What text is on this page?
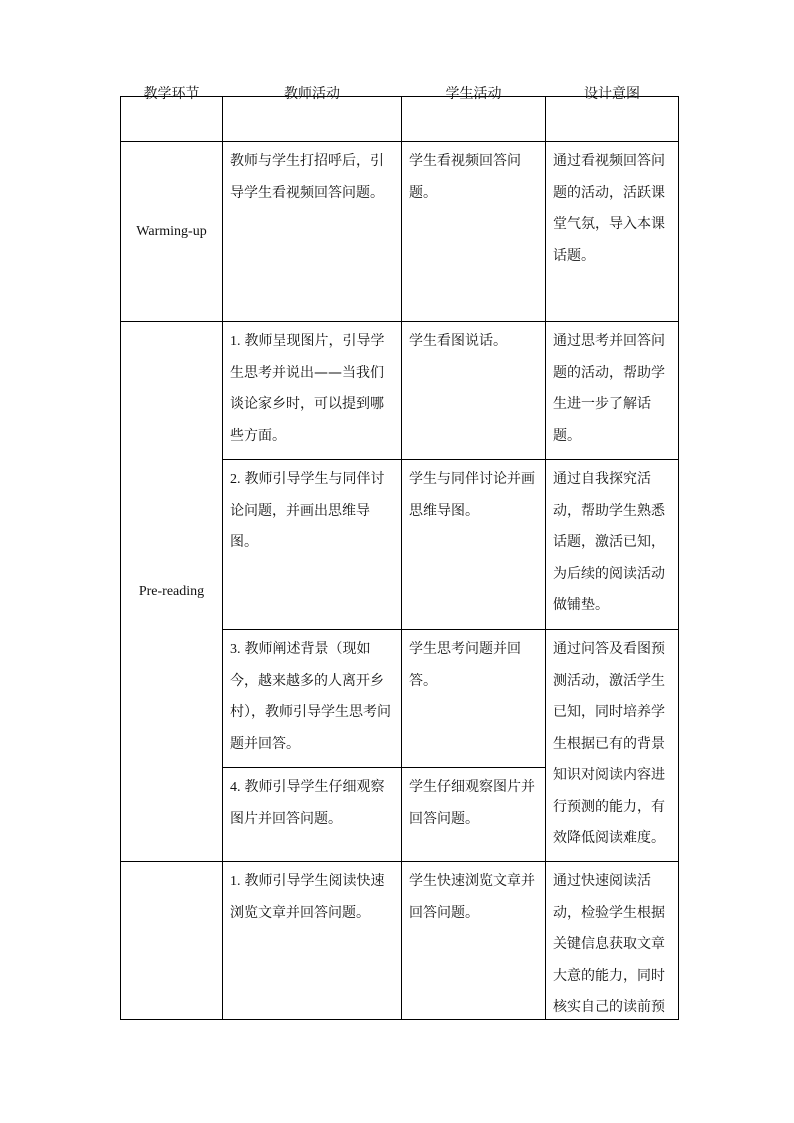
教学环节	教师活动	学生活动	设计意图

Warming-up	教师与学生打招呼后，引导学生看视频回答问题。	学生看视频回答问题。	通过看视频回答问题的活动，活跃课堂气氛，导入本课话题。
Pre-reading	1. 教师呈现图片，引导学生思考并说出——当我们谈论家乡时，可以提到哪些方面。	学生看图说话。	通过思考并回答问题的活动，帮助学生进一步了解话题。
	2. 教师引导学生与同伴讨论问题，并画出思维导图。	学生与同伴讨论并画思维导图。	通过自我探究活动，帮助学生熟悉话题，激活已知，为后续的阅读活动做铺垫。
	3. 教师阐述背景（现如今，越来越多的人离开乡村），教师引导学生思考问题并回答。	学生思考问题并回答。	通过问答及看图预测活动，激活学生已知，同时培养学生根据已有的背景知识对阅读内容进行预测的能力，有效降低阅读难度。
	4. 教师引导学生仔细观察图片并回答问题。	学生仔细观察图片并回答问题。	
	1. 教师引导学生阅读快速浏览文章并回答问题。	学生快速浏览文章并回答问题。	通过快速阅读活动，检验学生根据关键信息获取文章大意的能力，同时核实自己的读前预
